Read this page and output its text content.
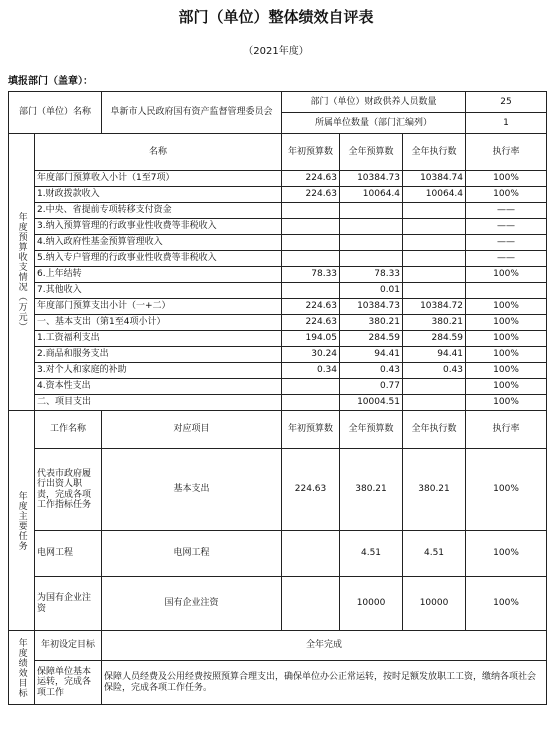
部门（单位）整体绩效自评表
（2021年度）
填报部门（盖章）：
部门（单位）名称		阜新市人民政府国有资产监督管理委员会	部门（单位）财政供养人员数量			25
			所属单位数量（部门汇编列）			1
年度预算收支情况（万元）	名称		年初预算数	全年预算数	全年执行数	执行率
	年度部门预算收入小计（1至7项）		224.63	10384.73	10384.74	100%
	1.财政拨款收入		224.63	10064.4	10064.4	100%
	2.中央、省提前专项转移支付资金					——
	3.纳入预算管理的行政事业性收费等非税收入					——
	4.纳入政府性基金预算管理收入					——
	5.纳入专户管理的行政事业性收费等非税收入					——
	6.上年结转		78.33	78.33		100%
	7.其他收入			0.01		
	年度部门预算支出小计（一+二）		224.63	10384.73	10384.72	100%
	一、基本支出（第1至4项小计）		224.63	380.21	380.21	100%
	1.工资福利支出		194.05	284.59	284.59	100%
	2.商品和服务支出		30.24	94.41	94.41	100%
	3.对个人和家庭的补助		0.34	0.43	0.43	100%
	4.资本性支出			0.77		100%
	二、项目支出			10004.51		100%
年度主要任务	工作名称	对应项目	年初预算数	全年预算数	全年执行数	执行率
	代表市政府履行出资人职责，完成各项工作指标任务	基本支出	224.63	380.21	380.21	100%
	电网工程	电网工程		4.51	4.51	100%
	为国有企业注资	国有企业注资		10000	10000	100%
年度绩效目标	年初设定目标	全年完成				
	保障单位基本运转，完成各项工作	保障人员经费及公用经费按照预算合理支出，确保单位办公正常运转，按时足额发放职工工资，缴纳各项社会保险，完成各项工作任务。				
